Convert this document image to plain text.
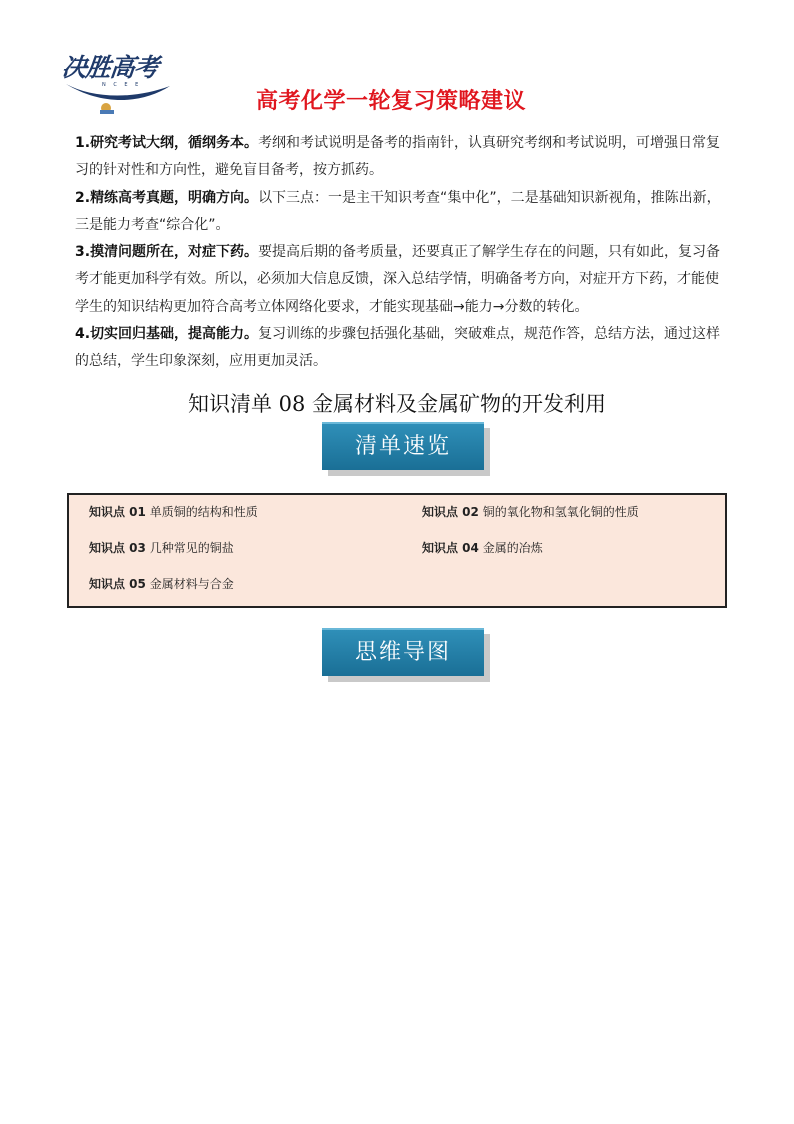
决胜高考
N C E E
高考化学一轮复习策略建议

1.研究考试大纲，循纲务本。考纲和考试说明是备考的指南针，认真研究考纲和考试说明，可增强日常复习的针对性和方向性，避免盲目备考，按方抓药。

2.精练高考真题，明确方向。以下三点：一是主干知识考查“集中化”，二是基础知识新视角，推陈出新，三是能力考查“综合化”。

3.摸清问题所在，对症下药。要提高后期的备考质量，还要真正了解学生存在的问题，只有如此，复习备考才能更加科学有效。所以，必须加大信息反馈，深入总结学情，明确备考方向，对症开方下药，才能使学生的知识结构更加符合高考立体网络化要求，才能实现基础→能力→分数的转化。

4.切实回归基础，提高能力。复习训练的步骤包括强化基础，突破难点，规范作答，总结方法，通过这样的总结，学生印象深刻，应用更加灵活。

知识清单 08 金属材料及金属矿物的开发利用
清单速览
知识点 01 单质铜的结构和性质	知识点 02 铜的氧化物和氢氧化铜的性质
知识点 03 几种常见的铜盐	知识点 04 金属的冶炼
知识点 05 金属材料与合金
思维导图
